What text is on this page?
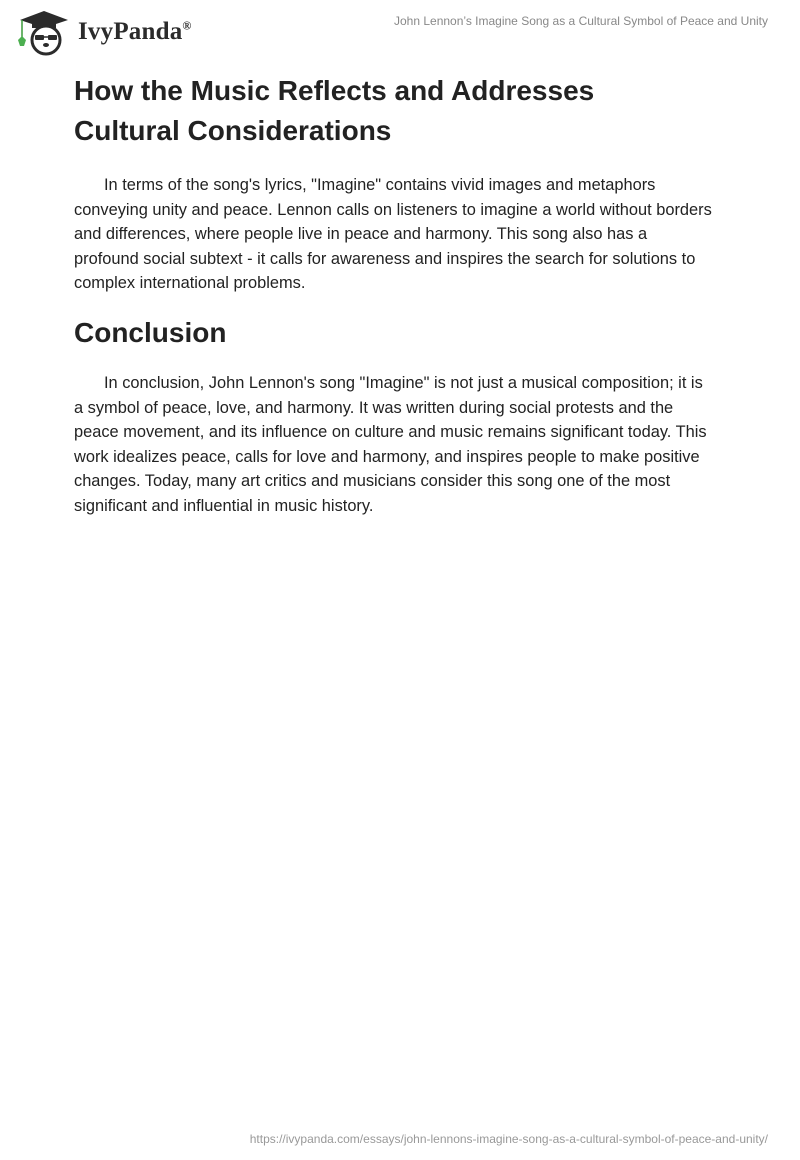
IvyPanda®	John Lennon’s Imagine Song as a Cultural Symbol of Peace and Unity
How the Music Reflects and Addresses
Cultural Considerations
In terms of the song's lyrics, "Imagine" contains vivid images and metaphors
conveying unity and peace. Lennon calls on listeners to imagine a world without borders
and differences, where people live in peace and harmony. This song also has a
profound social subtext - it calls for awareness and inspires the search for solutions to
complex international problems.
Conclusion
In conclusion, John Lennon's song "Imagine" is not just a musical composition; it is
a symbol of peace, love, and harmony. It was written during social protests and the
peace movement, and its influence on culture and music remains significant today. This
work idealizes peace, calls for love and harmony, and inspires people to make positive
changes. Today, many art critics and musicians consider this song one of the most
significant and influential in music history.
https://ivypanda.com/essays/john-lennons-imagine-song-as-a-cultural-symbol-of-peace-and-unity/
